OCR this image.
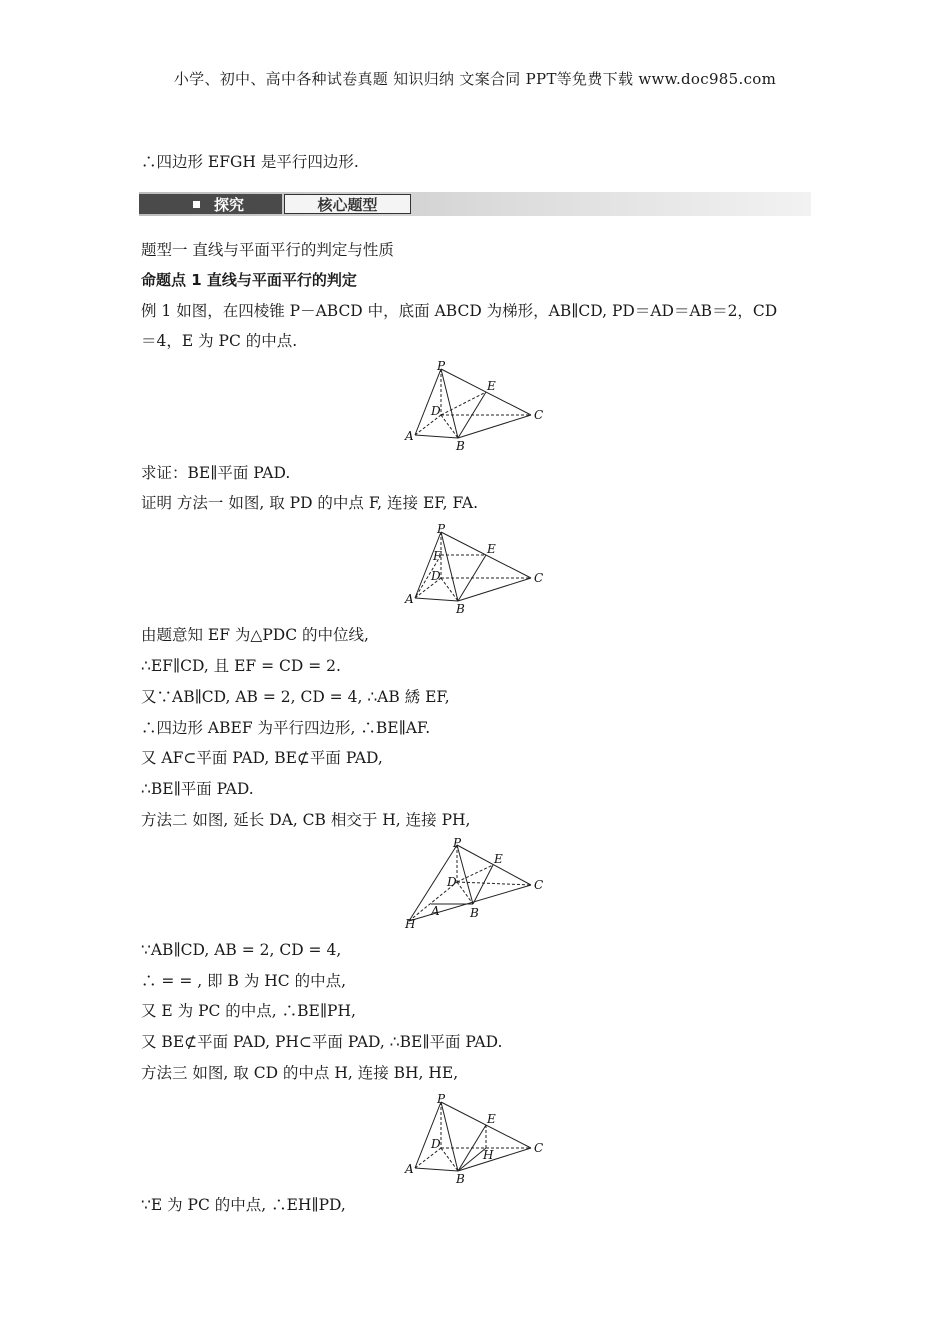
小学、初中、高中各种试卷真题 知识归纳 文案合同 PPT等免费下载 www.doc985.com
∴四边形 EFGH 是平行四边形.
探究	核心题型
题型一 直线与平面平行的判定与性质
命题点 1 直线与平面平行的判定
例 1 如图，在四棱锥 P－ABCD 中，底面 ABCD 为梯形，AB∥CD, PD＝AD＝AB＝2，CD
＝4，E 为 PC 的中点.
P
E
D	C
A
B
求证：BE∥平面 PAD.
证明 方法一 如图, 取 PD 的中点 F, 连接 EF, FA.
P
E
F
D	C
A
B
由题意知 EF 为△PDC 的中位线,
∴EF∥CD, 且 EF = CD = 2.
又∵AB∥CD, AB = 2, CD = 4, ∴AB 綉 EF,
∴四边形 ABEF 为平行四边形, ∴BE∥AF.
又 AF⊂平面 PAD, BE⊄平面 PAD,
∴BE∥平面 PAD.
方法二 如图, 延长 DA, CB 相交于 H, 连接 PH,
P
E
D	C
A	B
H
∵AB∥CD, AB = 2, CD = 4,
∴ = = , 即 B 为 HC 的中点,
又 E 为 PC 的中点, ∴BE∥PH,
又 BE⊄平面 PAD, PH⊂平面 PAD, ∴BE∥平面 PAD.
方法三 如图, 取 CD 的中点 H, 连接 BH, HE,
P
E
D
H	C
A
B
∵E 为 PC 的中点, ∴EH∥PD,
